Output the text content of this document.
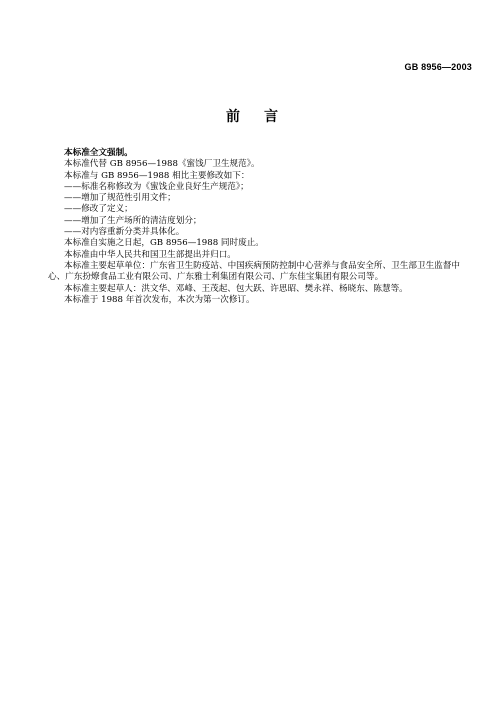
GB 8956—2003
前言

本标准全文强制。

本标准代替 GB 8956—1988《蜜饯厂卫生规范》。

本标准与 GB 8956—1988 相比主要修改如下：

——标准名称修改为《蜜饯企业良好生产规范》；

——增加了规范性引用文件；

——修改了定义；

——增加了生产场所的清洁度划分；

——对内容重新分类并具体化。

本标准自实施之日起，GB 8956—1988 同时废止。

本标准由中华人民共和国卫生部提出并归口。

本标准主要起草单位：广东省卫生防疫站、中国疾病预防控制中心营养与食品安全所、卫生部卫生监督中心、广东扮燎食品工业有限公司、广东雅士利集团有限公司、广东佳宝集团有限公司等。

本标准主要起草人：洪文华、邓峰、王茂起、包大跃、许思昭、樊永祥、杨晓东、陈慧等。

本标准于 1988 年首次发布，本次为第一次修订。
